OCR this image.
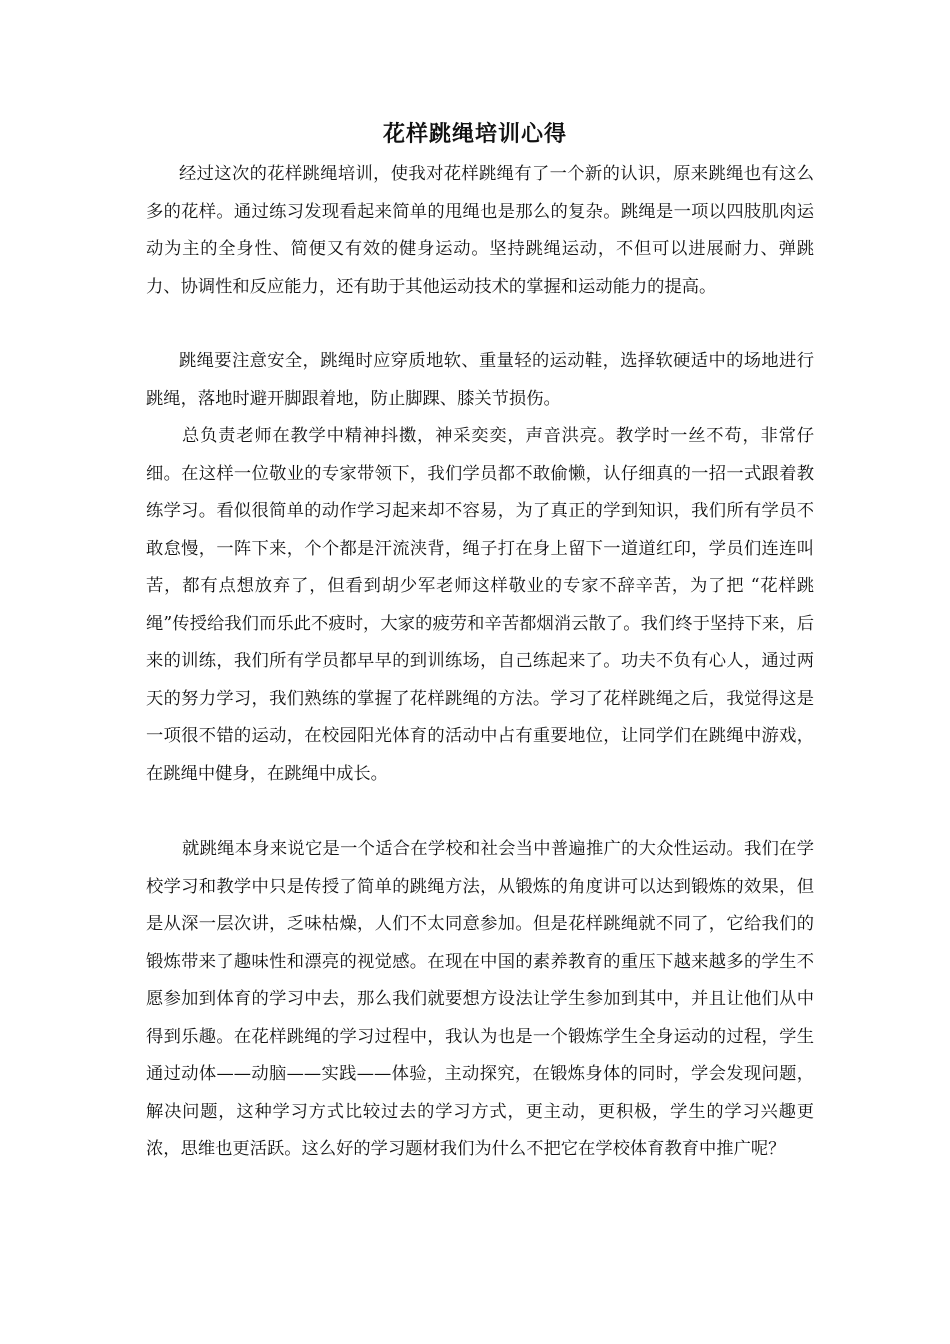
花样跳绳培训心得

经过这次的花样跳绳培训，使我对花样跳绳有了一个新的认识，原来跳绳也有这么多的花样。通过练习发现看起来简单的甩绳也是那么的复杂。跳绳是一项以四肢肌肉运动为主的全身性、简便又有效的健身运动。坚持跳绳运动，不但可以进展耐力、弹跳力、协调性和反应能力，还有助于其他运动技术的掌握和运动能力的提高。

跳绳要注意安全，跳绳时应穿质地软、重量轻的运动鞋，选择软硬适中的场地进行跳绳，落地时避开脚跟着地，防止脚踝、膝关节损伤。

总负责老师在教学中精神抖擞，神采奕奕，声音洪亮。教学时一丝不苟，非常仔细。在这样一位敬业的专家带领下，我们学员都不敢偷懒，认仔细真的一招一式跟着教练学习。看似很简单的动作学习起来却不容易，为了真正的学到知识，我们所有学员不敢怠慢，一阵下来，个个都是汗流浃背，绳子打在身上留下一道道红印，学员们连连叫苦，都有点想放弃了，但看到胡少军老师这样敬业的专家不辞辛苦，为了把 “花样跳绳”传授给我们而乐此不疲时，大家的疲劳和辛苦都烟消云散了。我们终于坚持下来，后来的训练，我们所有学员都早早的到训练场，自己练起来了。功夫不负有心人，通过两天的努力学习，我们熟练的掌握了花样跳绳的方法。学习了花样跳绳之后，我觉得这是一项很不错的运动，在校园阳光体育的活动中占有重要地位，让同学们在跳绳中游戏，在跳绳中健身，在跳绳中成长。

就跳绳本身来说它是一个适合在学校和社会当中普遍推广的大众性运动。我们在学校学习和教学中只是传授了简单的跳绳方法，从锻炼的角度讲可以达到锻炼的效果，但是从深一层次讲，乏味枯燥，人们不太同意参加。但是花样跳绳就不同了，它给我们的锻炼带来了趣味性和漂亮的视觉感。在现在中国的素养教育的重压下越来越多的学生不愿参加到体育的学习中去，那么我们就要想方设法让学生参加到其中，并且让他们从中得到乐趣。在花样跳绳的学习过程中，我认为也是一个锻炼学生全身运动的过程，学生通过动体——动脑——实践——体验，主动探究，在锻炼身体的同时，学会发现问题，解决问题，这种学习方式比较过去的学习方式，更主动，更积极，学生的学习兴趣更浓，思维也更活跃。这么好的学习题材我们为什么不把它在学校体育教育中推广呢？
